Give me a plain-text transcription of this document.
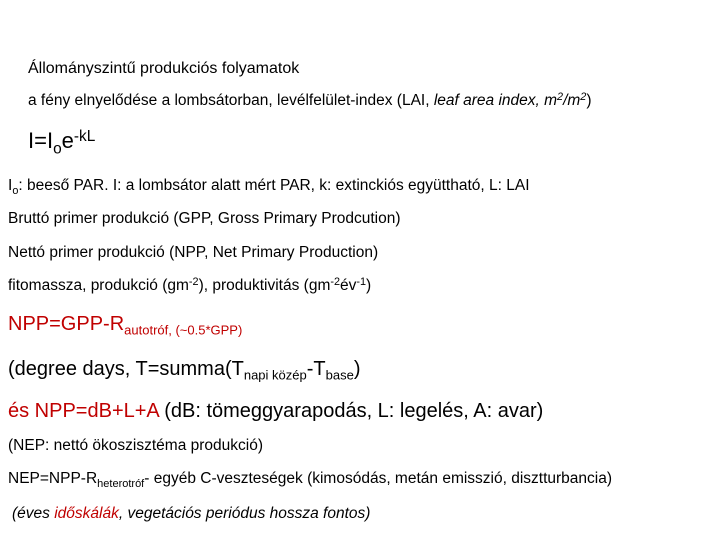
Állományszintű produkciós folyamatok
a fény elnyelődése a lombsátorban, levélfelület-index (LAI, leaf area index, $m^2/m^2$)
$I=I_oe^{-kL}$
$I_o$: beeső PAR. I: a lombsátor alatt mért PAR, k: extinckiós együttható, L: LAI
Bruttó primer produkció (GPP, Gross Primary Prodcution)
Nettó primer produkció (NPP, Net Primary Production)
fitomassza, produkció $(gm^{-2})$, produktivitás $(gm^{-2}év^{-1})$
$NPP=GPP-R_{autotróf, (\sim 0.5*GPP)}$
(degree days, $T=summa(T_{napi közép}-T_{base})$
és NPP=dB+L+A (dB: tömeggyarapodás, L: legelés, A: avar)
(NEP: nettó ökoszisztéma produkció)
$NEP=NPP-R_{heterotróf}-$ egyéb C-veszteségek (kimosódás, metán emisszió, disztturbancia)
(éves időskálák, vegetációs periódus hossza fontos)
